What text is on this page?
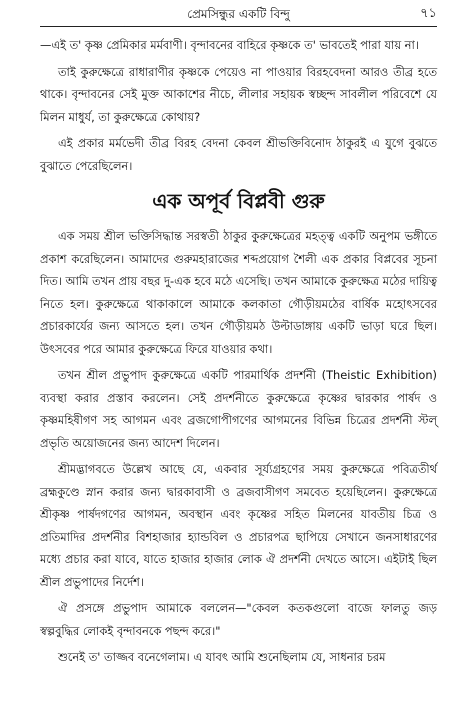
প্রেমসিন্ধুর একটি বিন্দু	৭১

—এই ত' কৃষ্ণ প্রেমিকার মর্মবাণী। বৃন্দাবনের বাহিরে কৃষ্ণকে ত' ভাবতেই পারা যায় না।

তাই কুরুক্ষেত্রে রাধারাণীর কৃষ্ণকে পেয়েও না পাওয়ার বিরহবেদনা আরও তীব্র হতে থাকে। বৃন্দাবনের সেই মুক্ত আকাশের নীচে, লীলার সহায়ক স্বচ্ছন্দ সাবলীল পরিবেশে যে মিলন মাধুর্য, তা কুরুক্ষেত্রে কোথায়?

এই প্রকার মর্মভেদী তীব্র বিরহ বেদনা কেবল শ্রীভক্তিবিনোদ ঠাকুরই এ যুগে বুঝতে বুঝাতে পেরেছিলেন।

এক অপূর্ব বিপ্লবী গুরু

এক সময় শ্রীল ভক্তিসিদ্ধান্ত সরস্বতী ঠাকুর কুরুক্ষেত্রের মহত্ত্ব একটি অনুপম ভঙ্গীতে প্রকাশ করেছিলেন। আমাদের গুরুমহারাজের শব্দপ্রয়োগ শৈলী এক প্রকার বিপ্লবের সূচনা দিত। আমি তখন প্রায় বছর দু-এক হবে মঠে এসেছি। তখন আমাকে কুরুক্ষেত্র মঠের দায়িত্ব নিতে হল। কুরুক্ষেত্রে থাকাকালে আমাকে কলকাতা গৌড়ীয়মঠের বার্ষিক মহোৎসবের প্রচারকার্যের জন্য আসতে হল। তখন গৌড়ীয়মঠ উল্টাডাঙ্গায় একটি ভাড়া ঘরে ছিল। উৎসবের পরে আমার কুরুক্ষেত্রে ফিরে যাওয়ার কথা।

তখন শ্রীল প্রভুপাদ কুরুক্ষেত্রে একটি পারমার্থিক প্রদর্শনী (Theistic Exhibition) ব্যবস্থা করার প্রস্তাব করলেন। সেই প্রদর্শনীতে কুরুক্ষেত্রে কৃষ্ণের দ্বারকার পার্ষদ ও কৃষ্ণমহিষীগণ সহ আগমন এবং ব্রজগোপীগণের আগমনের বিভিন্ন চিত্রের প্রদর্শনী স্টল্ প্রভৃতি অয়োজনের জন্য আদেশ দিলেন।

শ্রীমদ্ভাগবতে উল্লেখ আছে যে, একবার সূর্য্যগ্রহণের সময় কুরুক্ষেত্রে পবিত্রতীর্থ ব্রহ্মকুণ্ডে স্নান করার জন্য দ্বারকাবাসী ও ব্রজবাসীগণ সমবেত হয়েছিলেন। কুরুক্ষেত্রে শ্রীকৃষ্ণ পার্ষদগণের আগমন, অবস্থান এবং কৃষ্ণের সহিত মিলনের যাবতীয় চিত্র ও প্রতিমাদির প্রদর্শনীর বিশহাজার হ্যান্ডবিল ও প্রচারপত্র ছাপিয়ে সেখানে জনসাধারণের মধ্যে প্রচার করা যাবে, যাতে হাজার হাজার লোক ঐ প্রদর্শনী দেখতে আসে। এইটাই ছিল শ্রীল প্রভুপাদের নির্দেশ।

ঐ প্রসঙ্গে প্রভুপাদ আমাকে বললেন—"কেবল কতকগুলো বাজে ফালতু জড় স্বল্পবুদ্ধির লোকই বৃন্দাবনকে পছন্দ করে।"

শুনেই ত' তাজ্জব বনেগেলাম। এ যাবৎ আমি শুনেছিলাম যে, সাধনার চরম
